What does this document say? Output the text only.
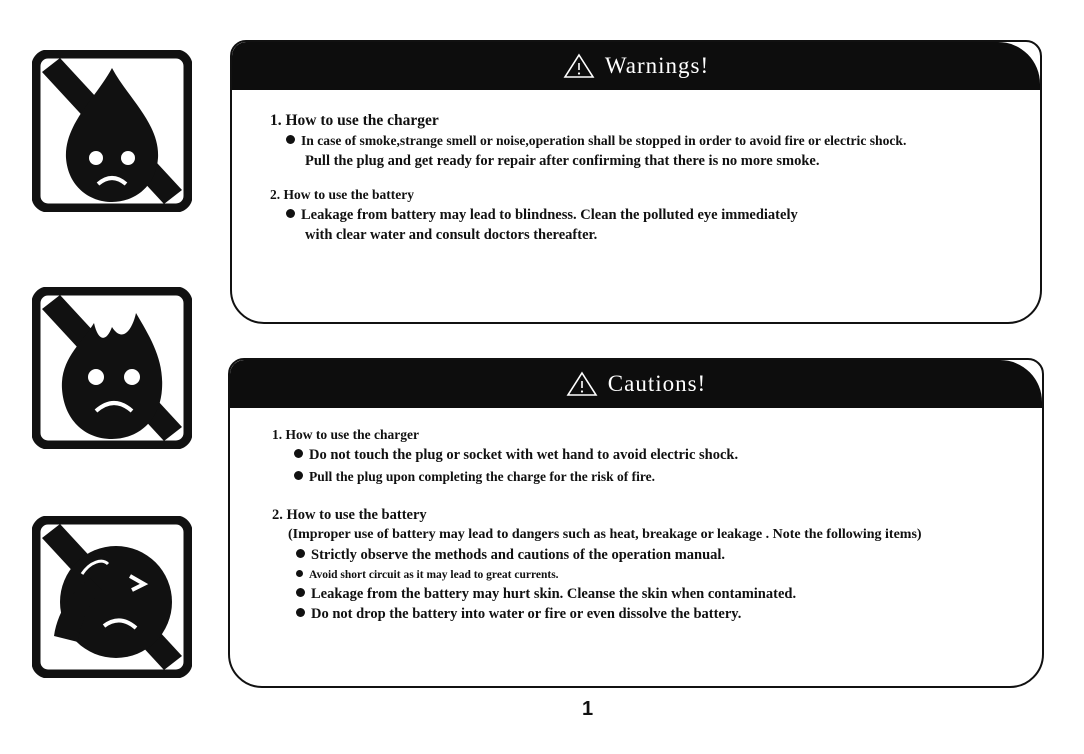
Warnings!
1. How to use the charger
In case of smoke,strange smell or noise,operation shall be stopped in order to avoid fire or electric shock.
Pull the plug and get ready for repair after confirming that there is no more smoke.
2. How to use the battery
Leakage from battery may lead to blindness. Clean the polluted eye immediately
with clear water and consult doctors thereafter.
Cautions!
1. How to use the charger
Do not touch the plug or socket with wet hand to avoid electric shock.
Pull the plug upon completing the charge for the risk of fire.
2. How to use the battery
(Improper use of battery may lead to dangers such as heat, breakage or leakage . Note the following items)
Strictly observe the methods and cautions of the operation manual.
Avoid short circuit as it may lead to great currents.
Leakage from the battery may hurt skin. Cleanse the skin when contaminated.
Do not drop the battery into water or fire or even dissolve the battery.
1
